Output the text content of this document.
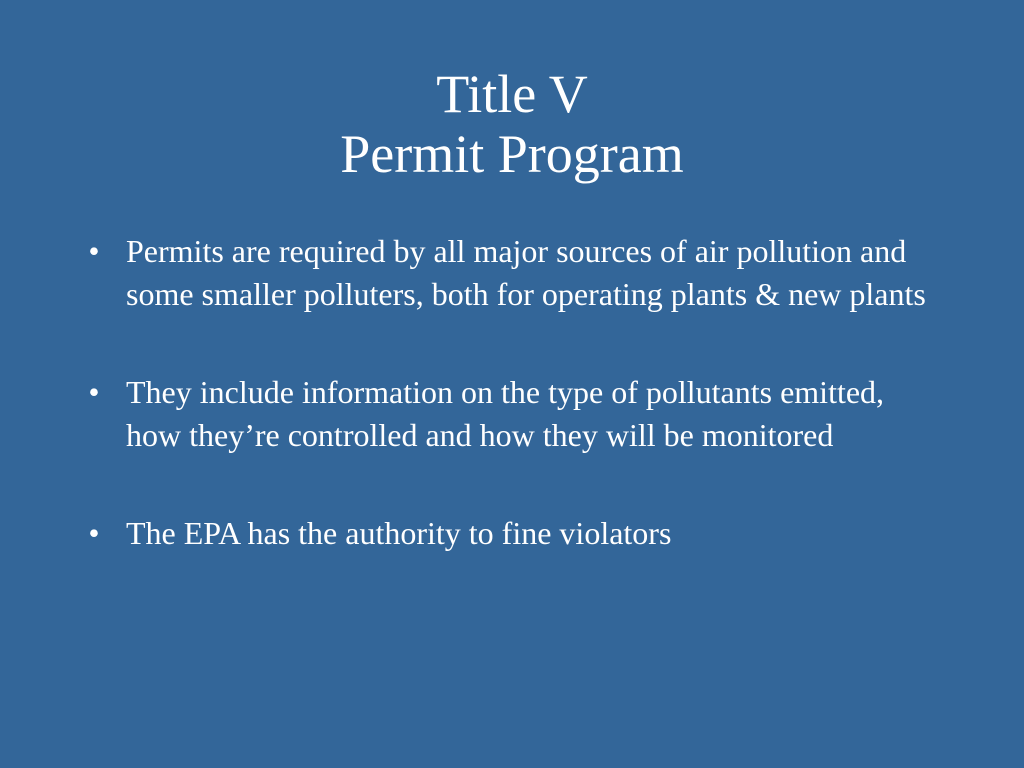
Title V
Permit Program
• Permits are required by all major sources of air pollution and some smaller polluters, both for operating plants & new plants
• They include information on the type of pollutants emitted, how they’re controlled and how they will be monitored
• The EPA has the authority to fine violators
